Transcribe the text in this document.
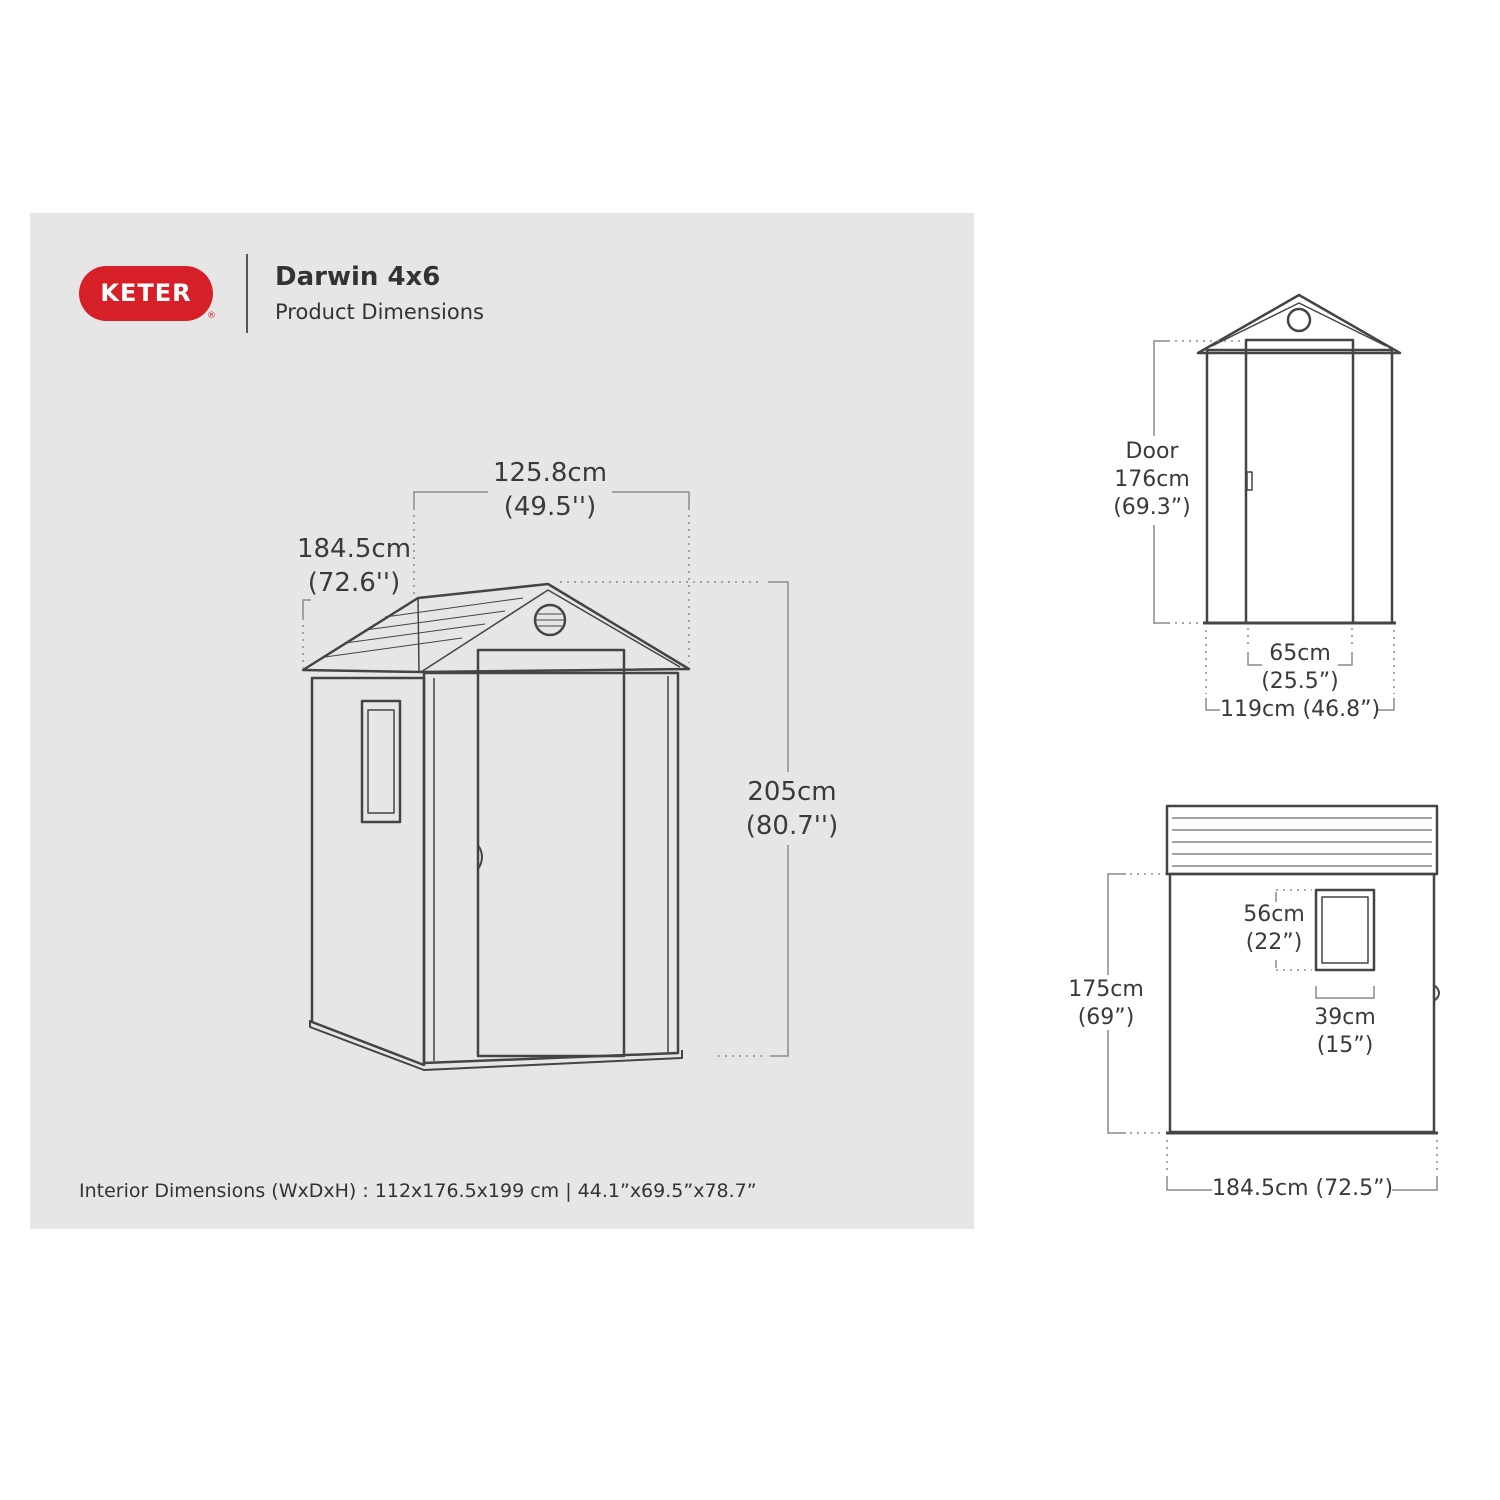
KETER
®
Darwin 4x6
Product Dimensions
125.8cm
(49.5'')
184.5cm
(72.6'')
205cm
(80.7'')
Door
176cm
(69.3”)
65cm
(25.5”)
119cm (46.8”)
175cm
(69”)
56cm
(22”)
39cm
(15”)
184.5cm (72.5”)
Interior Dimensions (WxDxH) : 112x176.5x199 cm | 44.1”x69.5”x78.7”
